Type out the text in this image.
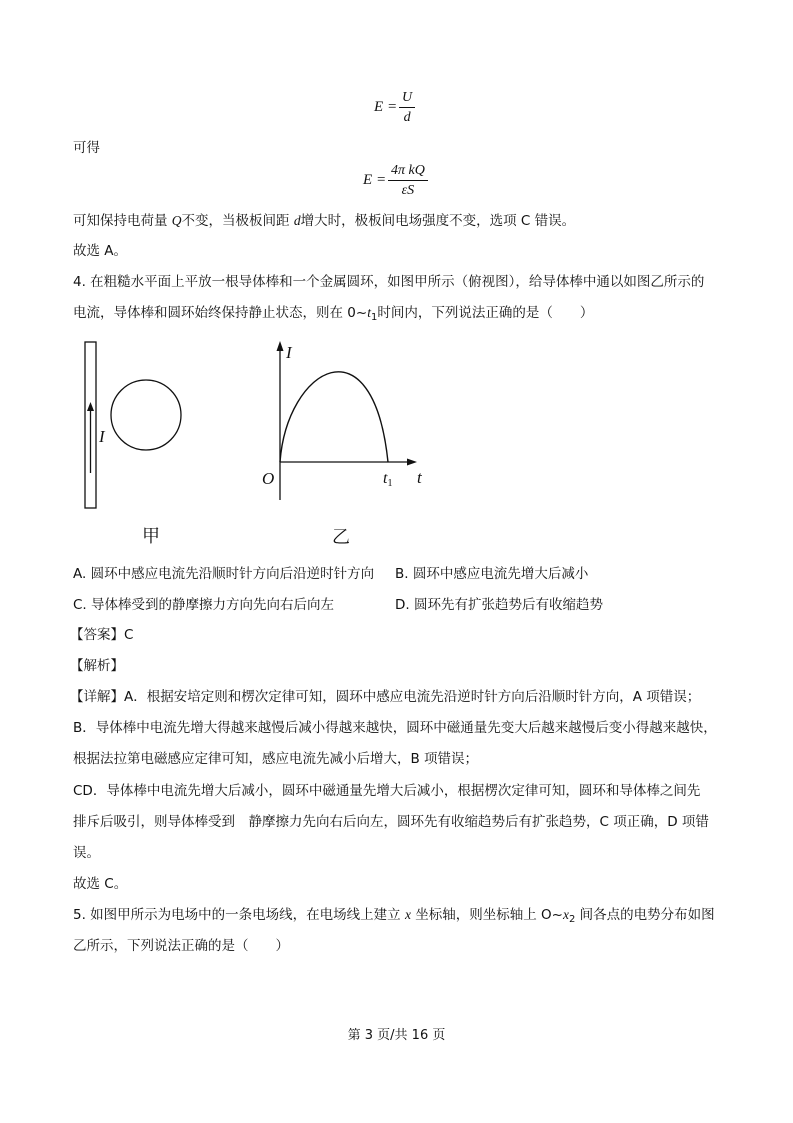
$E = \frac{U}{d}$
可得
$E = \frac{\text{4π kQ}}{\varepsilon S}$
可知保持电荷量 Q不变，当极板间距 d增大时，极板间电场强度不变，选项 C 错误。
故选 A。
4. 在粗糙水平面上平放一根导体棒和一个金属圆环，如图甲所示（俯视图），给导体棒中通以如图乙所示的
电流，导体棒和圆环始终保持静止状态，则在 $0\sim t_1$时间内，下列说法正确的是（　　）
I
甲
I
t
O	t1
乙
A. 圆环中感应电流先沿顺时针方向后沿逆时针方向 B. 圆环中感应电流先增大后减小
C. 导体棒受到的静摩擦力方向先向右后向左	D. 圆环先有扩张趋势后有收缩趋势
【答案】C
【解析】
【详解】A．根据安培定则和楞次定律可知，圆环中感应电流先沿逆时针方向后沿顺时针方向，A 项错误；
B．导体棒中电流先增大得越来越慢后减小得越来越快，圆环中磁通量先变大后越来越慢后变小得越来越快，
根据法拉第电磁感应定律可知，感应电流先减小后增大，B 项错误；
CD．导体棒中电流先增大后减小，圆环中磁通量先增大后减小，根据楞次定律可知，圆环和导体棒之间先
排斥后吸引，则导体棒受到　静摩擦力先向右后向左，圆环先有收缩趋势后有扩张趋势，C 项正确，D 项错
误。
故选 C。
5. 如图甲所示为电场中的一条电场线，在电场线上建立 x 坐标轴，则坐标轴上 $O\sim x_2$ 间各点的电势分布如图
乙所示，下列说法正确的是（　　）
第 3 页/共 16 页
